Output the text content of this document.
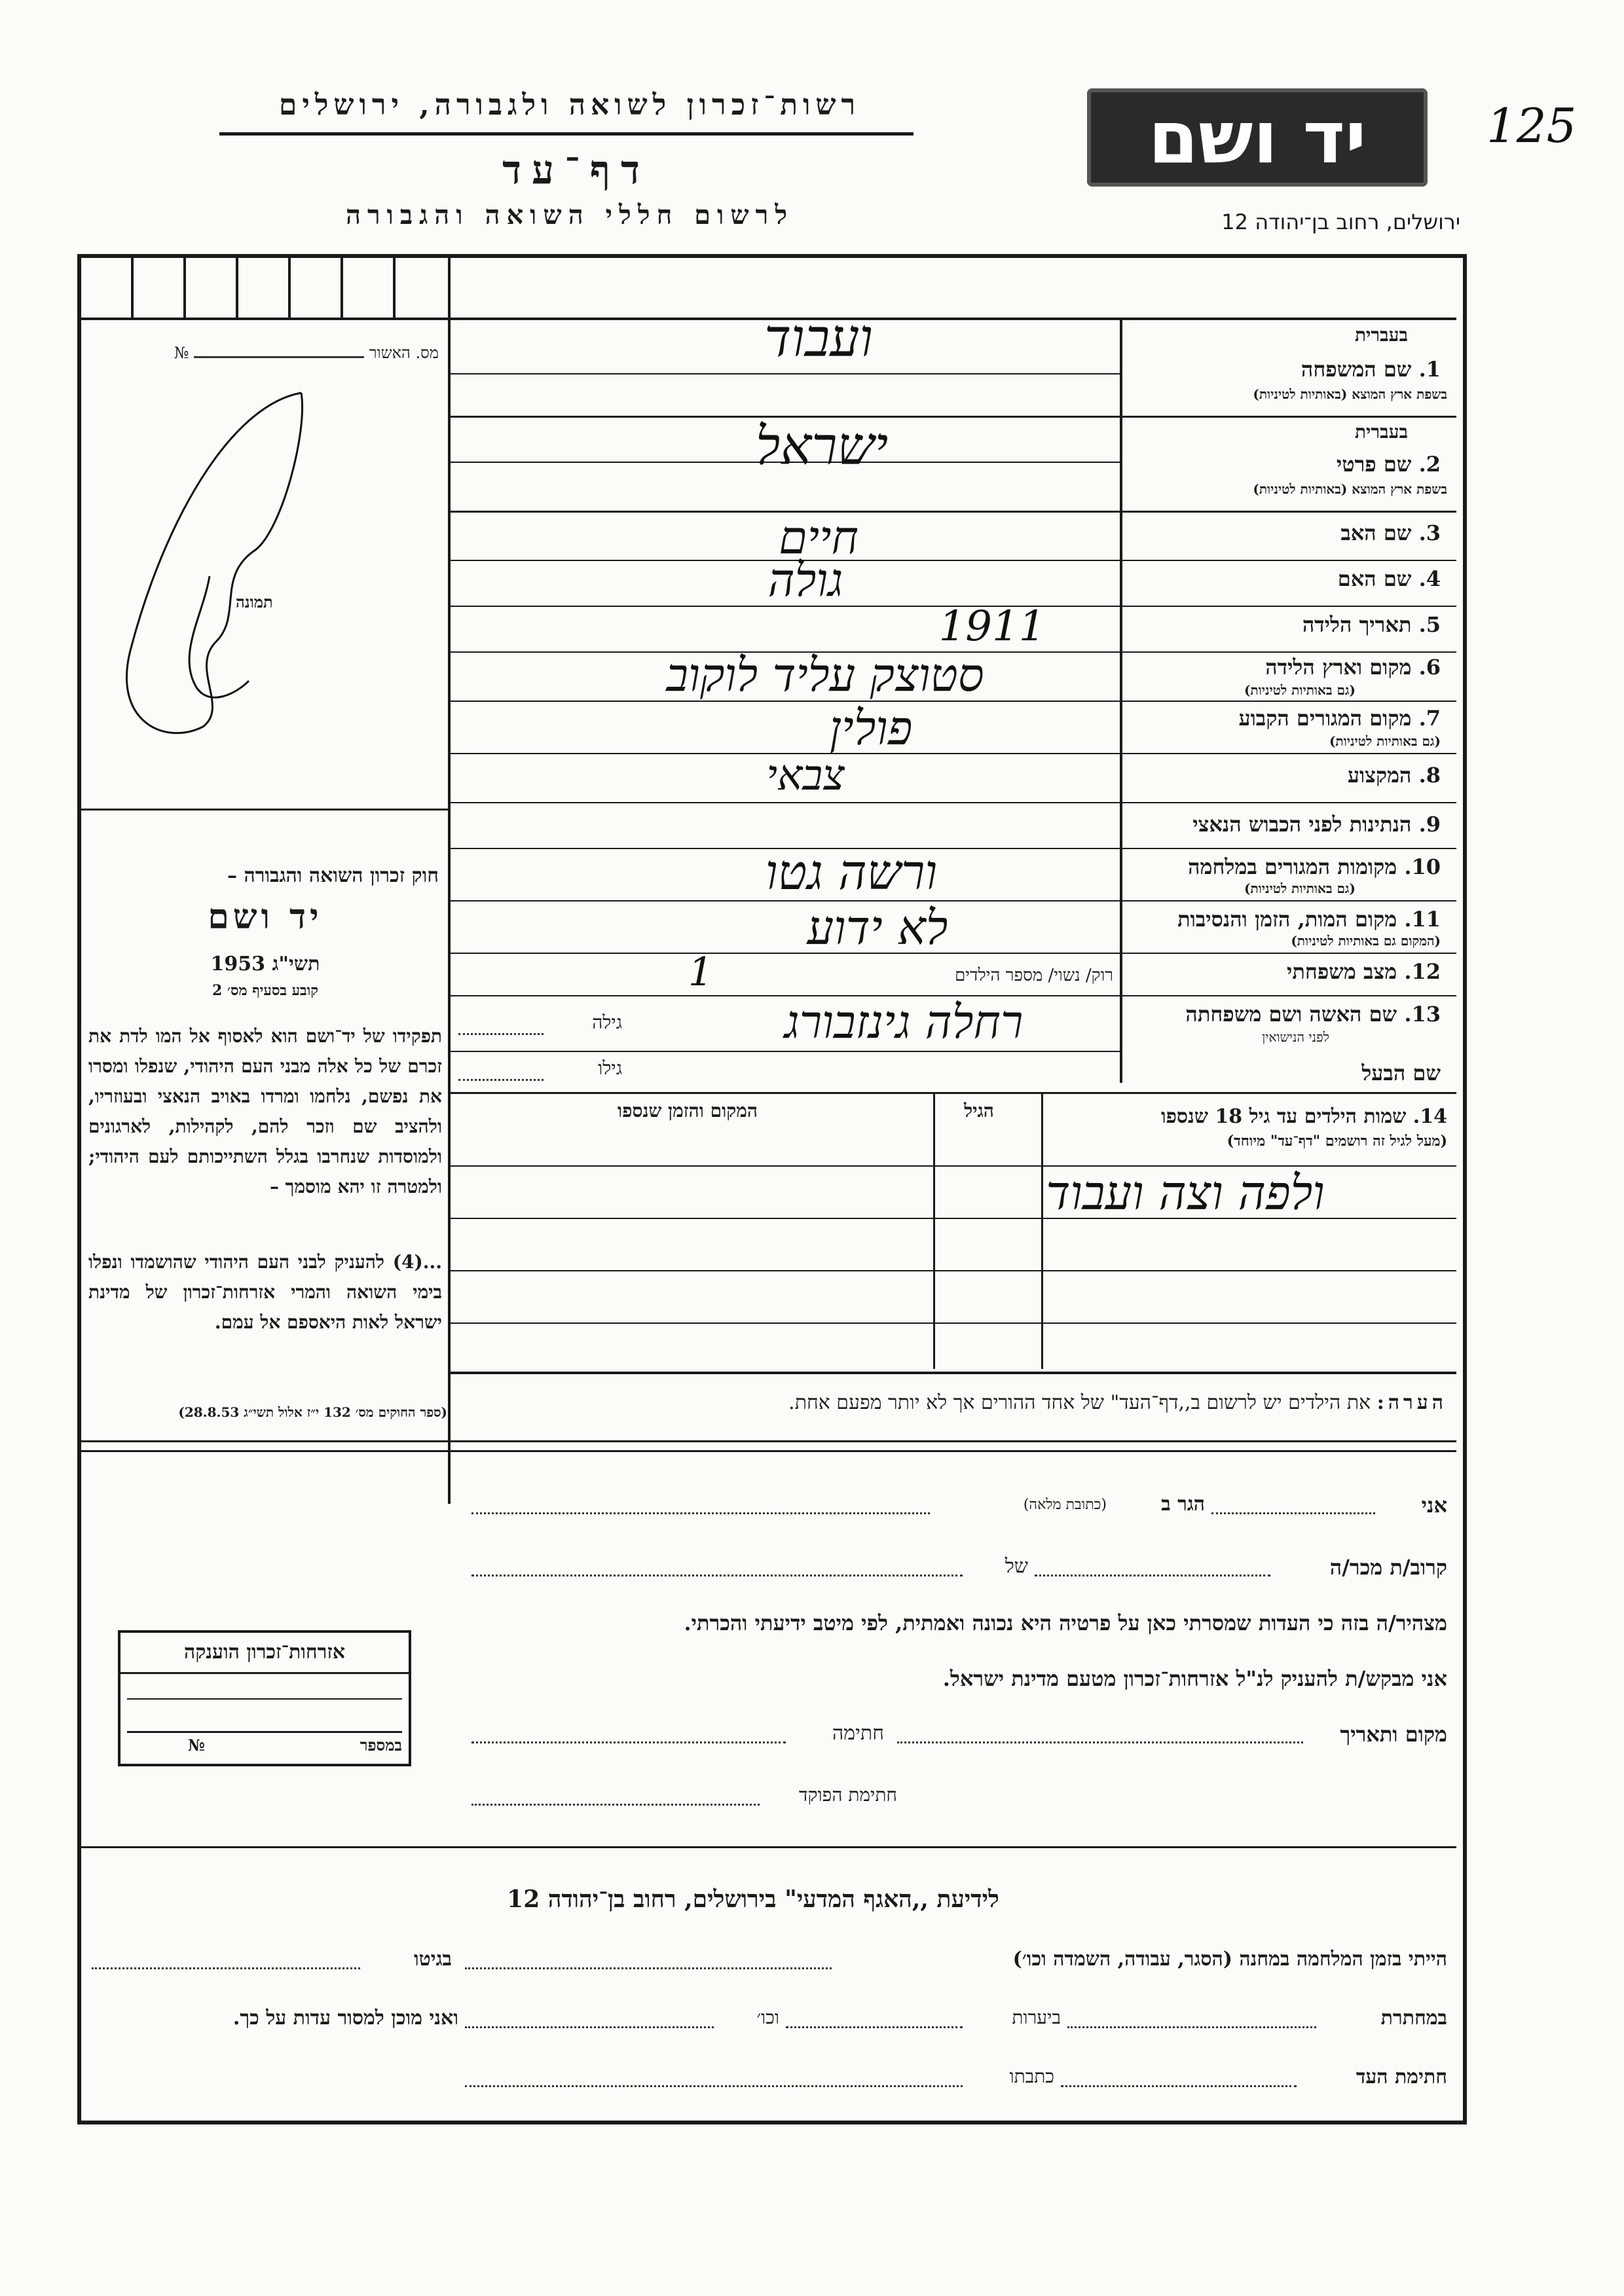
125
יד ושם
רשות־זכרון לשואה ולגבורה, ירושלים
דף־עד
לרשום חללי השואה והגבורה	ירושלים, רחוב בן־יהודה 12
מס. האשור  №
תמונה
חוק זכרון השואה והגבורה –
יד ושם
תשי"ג 1953
קובע בסעיף מס׳ 2
תפקידו של יד־ושם הוא לאסוף אל המו לדת את זכרם של כל אלה מבני העם היהודי, שנפלו ומסרו את נפשם, נלחמו ומרדו באויב הנאצי ובעוזריו, ולהציב שם וזכר להם, לקהילות, לארגונים ולמוסדות שנחרבו בגלל השתייכותם לעם היהודי; ולמטרה זו יהא מוסמך –
...(4) להעניק לבני העם היהודי שהושמדו ונפלו בימי השואה והמרי אזרחות־זכרון של מדינת ישראל לאות היאספם אל עמם.
(ספר החוקים מס׳ 132 י״ז אלול תשי״ג 28.8.53)
בעברית
1. שם המשפחה
בשפת ארץ המוצא (באותיות לטיניות)
ועבוד
בעברית
2. שם פרטי
בשפת ארץ המוצא (באותיות לטיניות)
ישראל
3. שם האב
חיים
4. שם האם
גולה
5. תאריך הלידה
1911
6. מקום וארץ הלידה
(גם באותיות לטיניות)
סטוצק עליד לוקוב
7. מקום המגורים הקבוע
(גם באותיות לטיניות)
פולין
8. המקצוע
צבאי
9. הנתינות לפני הכבוש הנאצי
10. מקומות המגורים במלחמה
(גם באותיות לטיניות)
ורשה גטו
11. מקום המות, הזמן והנסיבות
(המקום גם באותיות לטיניות)
לא ידוע
12. מצב משפחתי
רוק/ נשוי/ מספר הילדים
1
13. שם האשה ושם משפחתה
לפני הנישואין
רחלה גינזבורג
גילה
שם הבעל
גילו
14. שמות הילדים עד גיל 18 שנספו
(מעל לגיל זה רושמים "דף־עד" מיוחד)
הגיל
המקום והזמן שנספו
ולפה וצה ועבוד
הערה: את הילדים יש לרשום ב,,דף־העד" של אחד ההורים אך לא יותר מפעם אחת.
אני
הגר ב
(כתובת מלאה)
קרוב/ת מכר/ה
של
מצהיר/ה בזה כי העדות שמסרתי כאן על פרטיה היא נכונה ואמתית, לפי מיטב ידיעתי והכרתי.
אני מבקש/ת להעניק לנ"ל אזרחות־זכרון מטעם מדינת ישראל.
מקום ותאריך
חתימה
חתימת הפוקד
אזרחות־זכרון הוענקה
במספר  №
לידיעת ,,האגף המדעי" בירושלים, רחוב בן־יהודה 12
הייתי בזמן המלחמה במחנה (הסגר, עבודה, השמדה וכו׳)
בגיטו
במחתרת
ביערות
וכו׳
ואני מוכן למסור עדות על כך.
חתימת העד
כתבתו
